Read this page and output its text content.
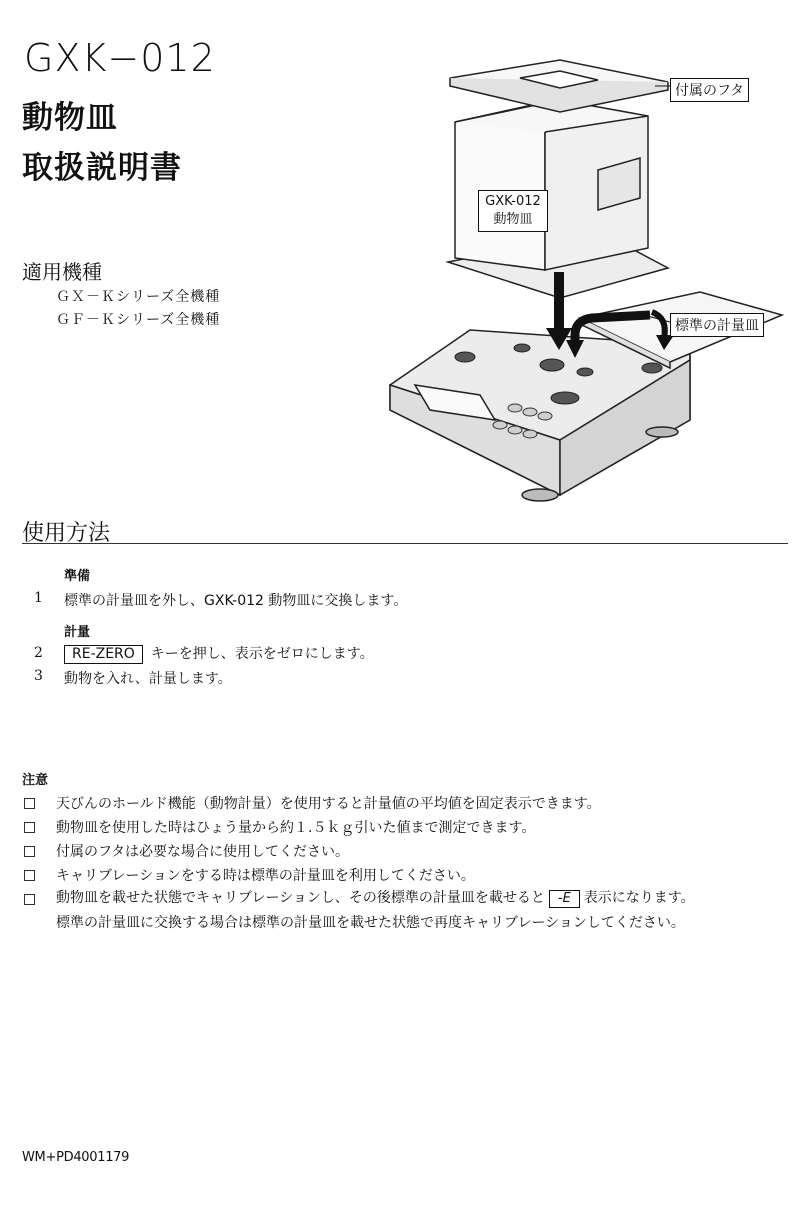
GXK−012
動物皿
取扱説明書
適用機種
ＧＸ－Ｋシリーズ全機種
ＧＦ－Ｋシリーズ全機種
付属のフタ
GXK-012
動物皿
標準の計量皿
使用方法
準備
1 標準の計量皿を外し、GXK-012 動物皿に交換します。
計量
2	RE-ZERO キーを押し、表示をゼロにします。
3 動物を入れ、計量します。
注意
天びんのホールド機能（動物計量）を使用すると計量値の平均値を固定表示できます。
動物皿を使用した時はひょう量から約１.５ｋｇ引いた値まで測定できます。
付属のフタは必要な場合に使用してください。
キャリブレーションをする時は標準の計量皿を利用してください。
動物皿を載せた状態でキャリブレーションし、その後標準の計量皿を載せると -E 表示になります。
標準の計量皿に交換する場合は標準の計量皿を載せた状態で再度キャリブレーションしてください。
WM+PD4001179
